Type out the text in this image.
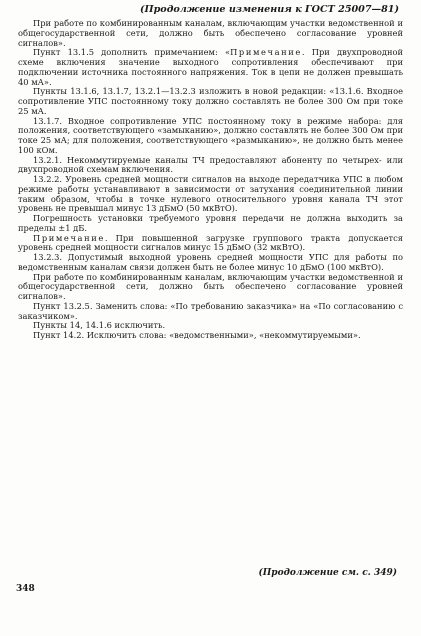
(Продолжение изменения к ГОСТ 25007—81)

При работе по комбинированным каналам, включающим участки ведомственной и общегосударственной сети, должно быть обеспечено согласование уровней сигналов».

Пункт 13.1.5 дополнить примечанием: «Примечание. При двухпроводной схеме включения значение выходного сопротивления обеспечивают при подключении источника постоянного напряжения. Ток в цепи не должен превышать 40 мА».

Пункты 13.1.6, 13.1.7, 13.2.1—13.2.3 изложить в новой редакции: «13.1.6. Входное сопротивление УПС постоянному току должно составлять не более 300 Ом при токе 25 мА.

13.1.7. Входное сопротивление УПС постоянному току в режиме набора: для положения, соответствующего «замыканию», должно составлять не более 300 Ом при токе 25 мА; для положения, соответствующего «размыканию», не должно быть менее 100 кОм.

13.2.1. Некоммутируемые каналы ТЧ предоставляют абоненту по четырех- или двухпроводной схемам включения.

13.2.2. Уровень средней мощности сигналов на выходе передатчика УПС в любом режиме работы устанавливают в зависимости от затухания соединительной линии таким образом, чтобы в точке нулевого относительного уровня канала ТЧ этот уровень не превышал минус 13 дБмО (50 мкВтО).

Погрешность установки требуемого уровня передачи не должна выходить за пределы ±1 дБ.

Примечание. При повышенной загрузке группового тракта допускается уровень средней мощности сигналов минус 15 дБмО (32 мкВтО).

13.2.3. Допустимый выходной уровень средней мощности УПС для работы по ведомственным каналам связи должен быть не более минус 10 дБмО (100 мкВтО).

При работе по комбинированным каналам, включающим участки ведомственной и общегосударственной сети, должно быть обеспечено согласование уровней сигналов».

Пункт 13.2.5. Заменить слова: «По требованию заказчика» на «По согласованию с заказчиком».

Пункты 14, 14.1.6 исключить.

Пункт 14.2. Исключить слова: «ведомственными», «некоммутируемыми».

(Продолжение см. с. 349)
348
